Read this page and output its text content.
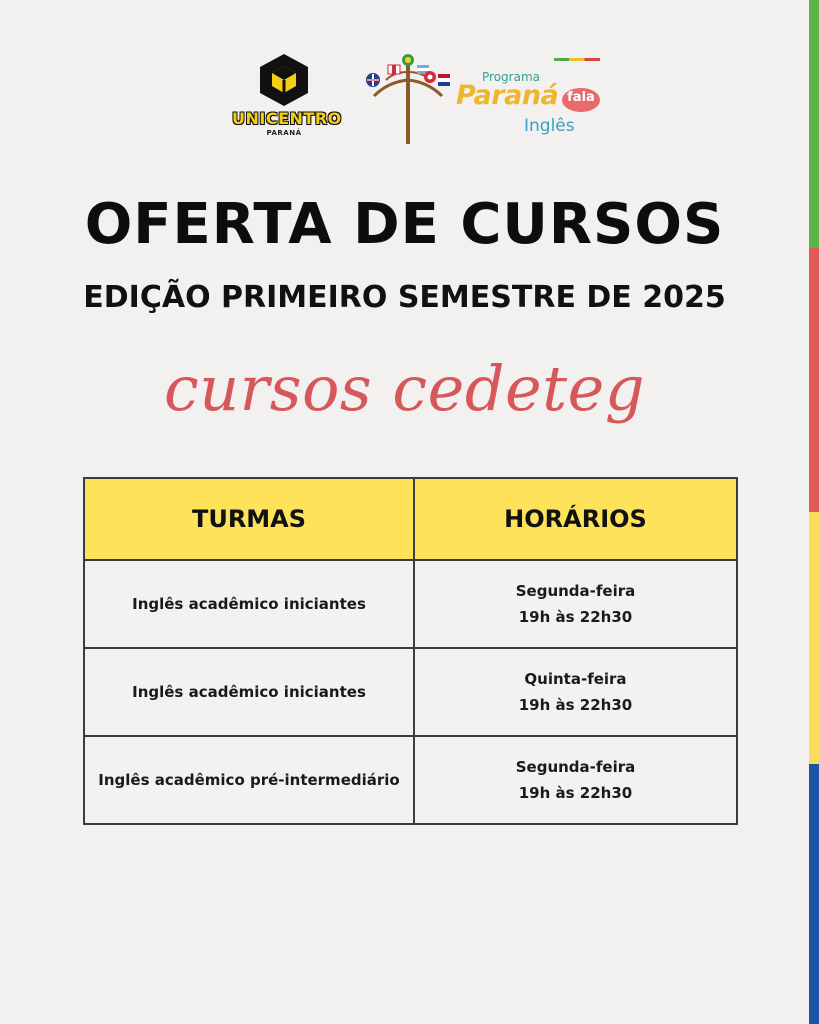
UNICENTRO
PARANÁ
Programa
Paraná fala
Inglês
OFERTA DE CURSOS
EDIÇÃO PRIMEIRO SEMESTRE DE 2025
cursos cedeteg
TURMAS	HORÁRIOS
Inglês acadêmico iniciantes	Segunda-feira
19h às 22h30

Inglês acadêmico iniciantes	Quinta-feira
19h às 22h30

Inglês acadêmico pré-intermediário	Segunda-feira
19h às 22h30
